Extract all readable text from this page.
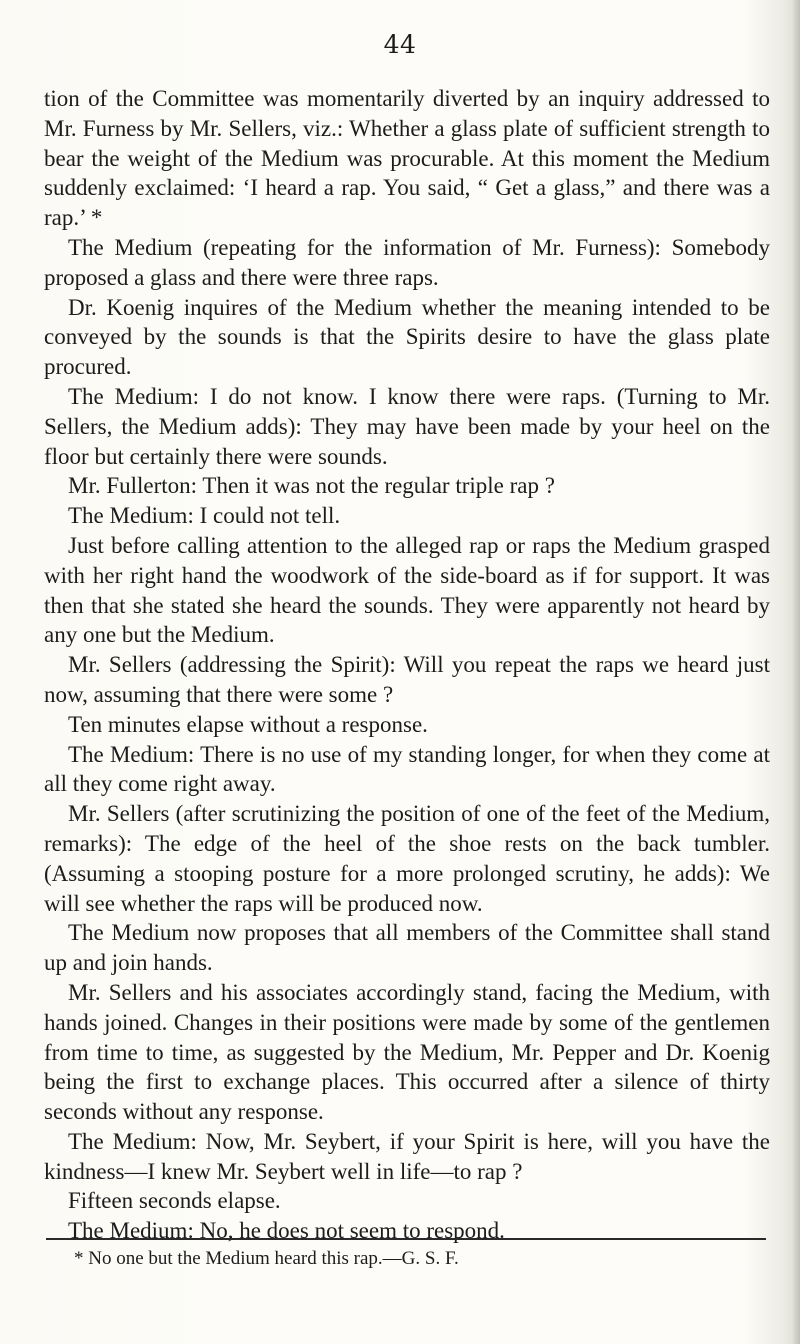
44

tion of the Committee was momentarily diverted by an inquiry addressed to Mr. Furness by Mr. Sellers, viz.: Whether a glass plate of sufficient strength to bear the weight of the Medium was procurable. At this moment the Medium suddenly exclaimed: ‘I heard a rap. You said, “ Get a glass,” and there was a rap.’ *

The Medium (repeating for the information of Mr. Furness): Somebody proposed a glass and there were three raps.

Dr. Koenig inquires of the Medium whether the meaning intended to be conveyed by the sounds is that the Spirits desire to have the glass plate procured.

The Medium: I do not know. I know there were raps. (Turning to Mr. Sellers, the Medium adds): They may have been made by your heel on the floor but certainly there were sounds.

Mr. Fullerton: Then it was not the regular triple rap ?

The Medium: I could not tell.

Just before calling attention to the alleged rap or raps the Medium grasped with her right hand the woodwork of the side-board as if for support. It was then that she stated she heard the sounds. They were apparently not heard by any one but the Medium.

Mr. Sellers (addressing the Spirit): Will you repeat the raps we heard just now, assuming that there were some ?

Ten minutes elapse without a response.

The Medium: There is no use of my standing longer, for when they come at all they come right away.

Mr. Sellers (after scrutinizing the position of one of the feet of the Medium, remarks): The edge of the heel of the shoe rests on the back tumbler. (Assuming a stooping posture for a more prolonged scrutiny, he adds): We will see whether the raps will be produced now.

The Medium now proposes that all members of the Committee shall stand up and join hands.

Mr. Sellers and his associates accordingly stand, facing the Medium, with hands joined. Changes in their positions were made by some of the gentlemen from time to time, as suggested by the Medium, Mr. Pepper and Dr. Koenig being the first to exchange places. This occurred after a silence of thirty seconds without any response.

The Medium: Now, Mr. Seybert, if your Spirit is here, will you have the kindness—I knew Mr. Seybert well in life—to rap ?

Fifteen seconds elapse.

The Medium: No, he does not seem to respond.

* No one but the Medium heard this rap.—G. S. F.
